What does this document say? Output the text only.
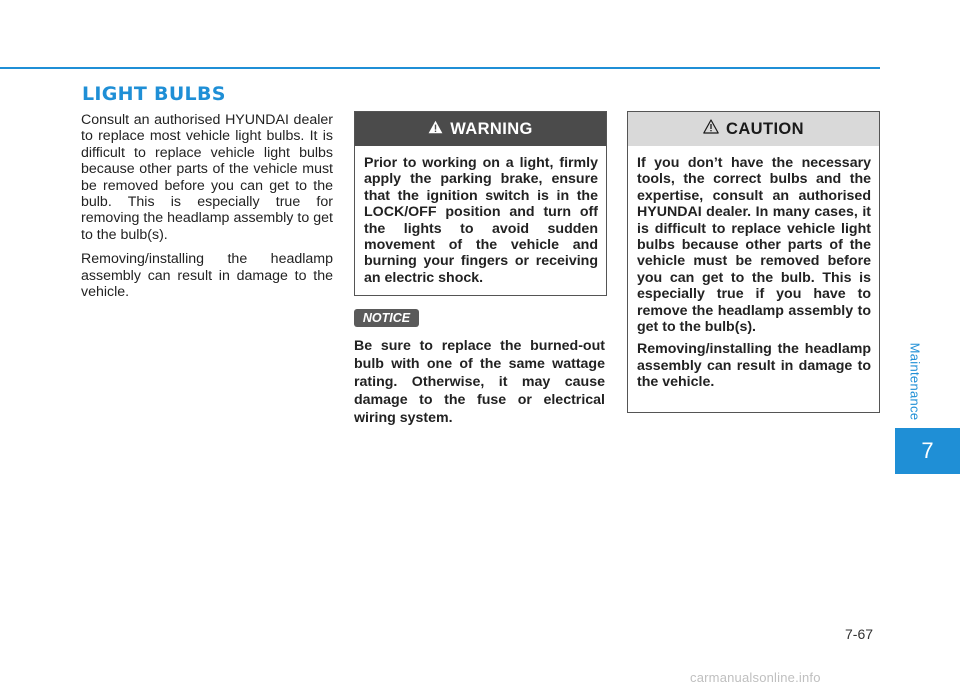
LIGHT BULBS

Consult an authorised HYUNDAI dealer to replace most vehicle light bulbs. It is difficult to replace vehicle light bulbs because other parts of the vehicle must be removed before you can get to the bulb. This is especially true for removing the headlamp assembly to get to the bulb(s).

Removing/installing the headlamp assembly can result in damage to the vehicle.

WARNING

Prior to working on a light, firmly apply the parking brake, ensure that the ignition switch is in the LOCK/OFF position and turn off the lights to avoid sudden movement of the vehicle and burning your fingers or receiving an electric shock.

NOTICE

Be sure to replace the burned-out bulb with one of the same wattage rating. Otherwise, it may cause damage to the fuse or electrical wiring system.

CAUTION

If you don’t have the necessary tools, the correct bulbs and the expertise, consult an authorised HYUNDAI dealer. In many cases, it is difficult to replace vehicle light bulbs because other parts of the vehicle must be removed before you can get to the bulb. This is especially true if you have to remove the headlamp assembly to get to the bulb(s).

Removing/installing the headlamp assembly can result in damage to the vehicle.	Maintenance
7
7-67
carmanualsonline.info
